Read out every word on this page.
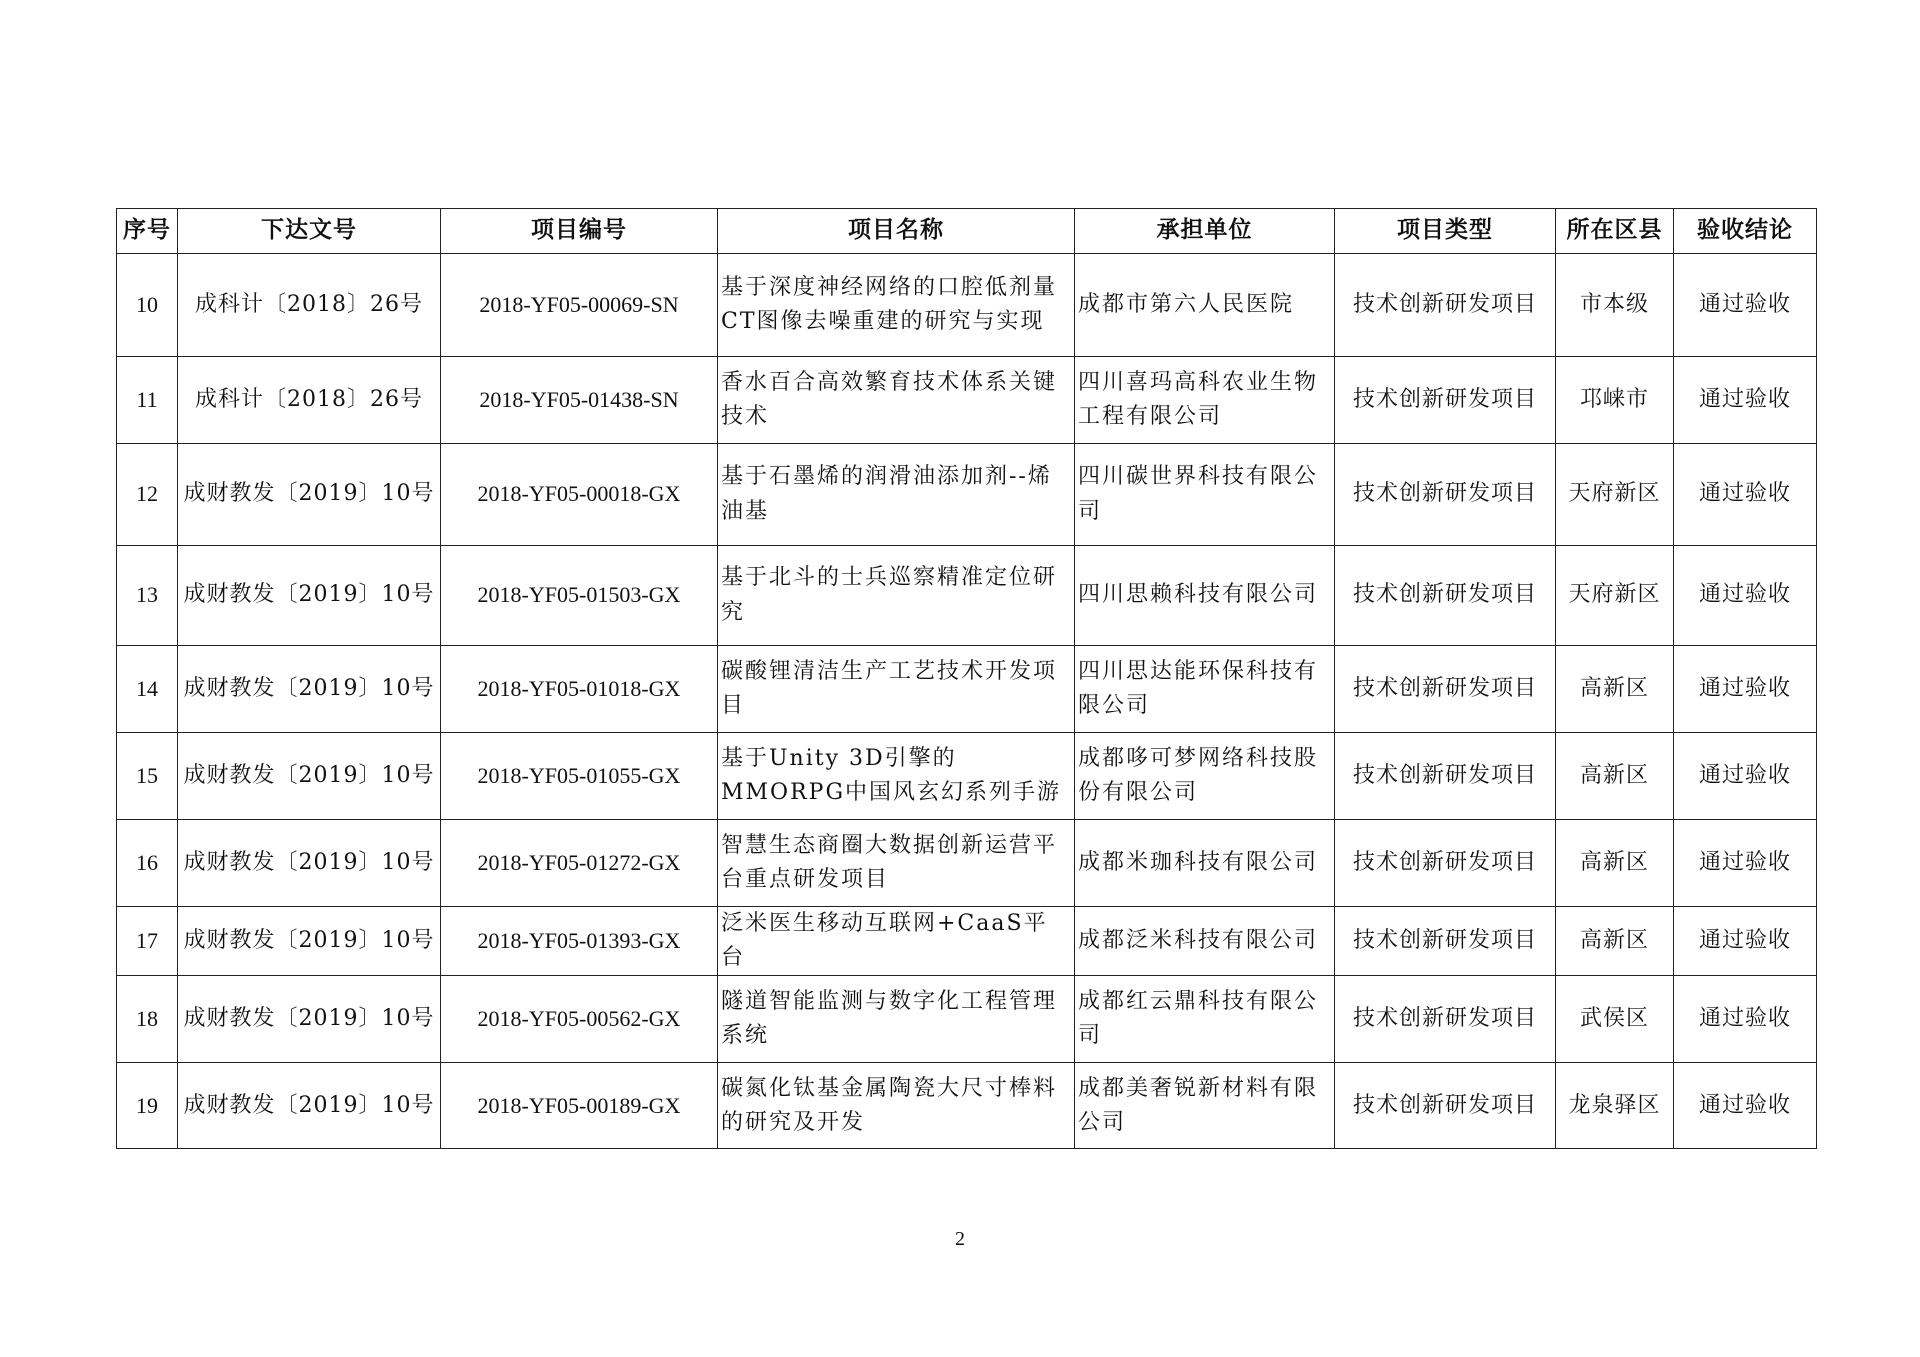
序号	下达文号	项目编号	项目名称	承担单位	项目类型	所在区县	验收结论
10	成科计〔2018〕26号	2018-YF05-00069-SN	基于深度神经网络的口腔低剂量CT图像去噪重建的研究与实现	成都市第六人民医院	技术创新研发项目	市本级	通过验收
11	成科计〔2018〕26号	2018-YF05-01438-SN	香水百合高效繁育技术体系关键技术	四川喜玛高科农业生物工程有限公司	技术创新研发项目	邛崃市	通过验收
12	成财教发〔2019〕10号	2018-YF05-00018-GX	基于石墨烯的润滑油添加剂--烯油基	四川碳世界科技有限公司	技术创新研发项目	天府新区	通过验收
13	成财教发〔2019〕10号	2018-YF05-01503-GX	基于北斗的士兵巡察精准定位研究	四川思赖科技有限公司	技术创新研发项目	天府新区	通过验收
14	成财教发〔2019〕10号	2018-YF05-01018-GX	碳酸锂清洁生产工艺技术开发项目	四川思达能环保科技有限公司	技术创新研发项目	高新区	通过验收
15	成财教发〔2019〕10号	2018-YF05-01055-GX	基于Unity 3D引擎的MMORPG中国风玄幻系列手游	成都哆可梦网络科技股份有限公司	技术创新研发项目	高新区	通过验收
16	成财教发〔2019〕10号	2018-YF05-01272-GX	智慧生态商圈大数据创新运营平台重点研发项目	成都米珈科技有限公司	技术创新研发项目	高新区	通过验收
17	成财教发〔2019〕10号	2018-YF05-01393-GX	泛米医生移动互联网+CaaS平台	成都泛米科技有限公司	技术创新研发项目	高新区	通过验收
18	成财教发〔2019〕10号	2018-YF05-00562-GX	隧道智能监测与数字化工程管理系统	成都红云鼎科技有限公司	技术创新研发项目	武侯区	通过验收
19	成财教发〔2019〕10号	2018-YF05-00189-GX	碳氮化钛基金属陶瓷大尺寸棒料的研究及开发	成都美奢锐新材料有限公司	技术创新研发项目	龙泉驿区	通过验收
2
